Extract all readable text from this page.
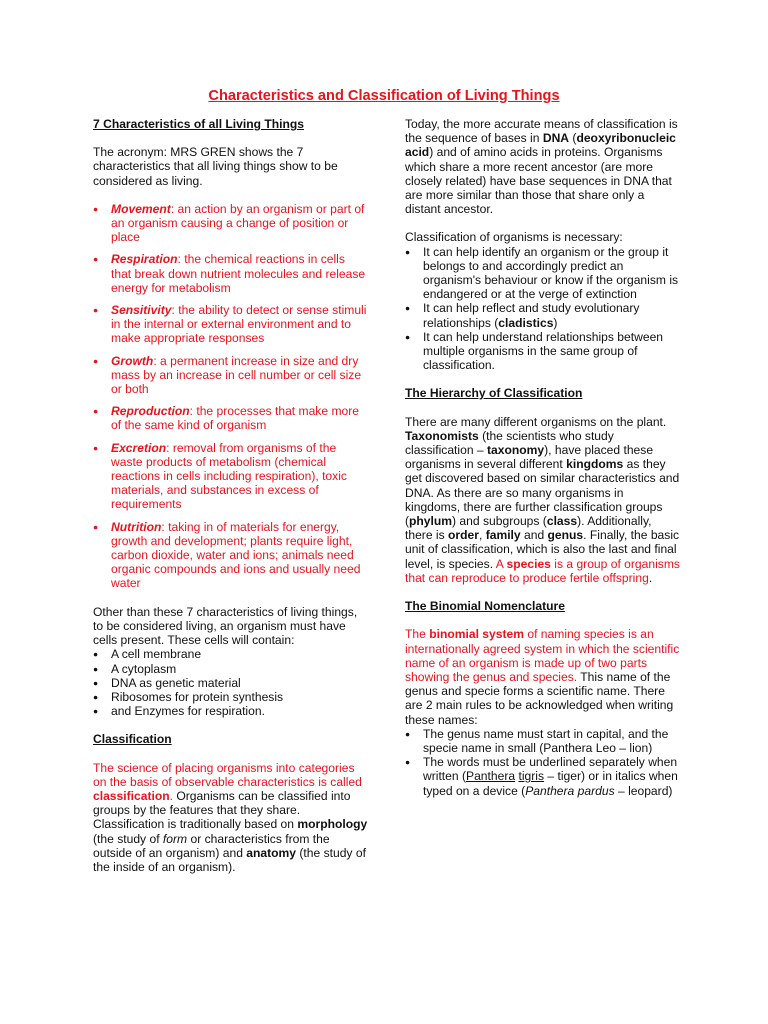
Characteristics and Classification of Living Things
7 Characteristics of all Living Things

The acronym: MRS GREN shows the 7 characteristics that all living things show to be considered as living.

● Movement: an action by an organism or part of an organism causing a change of position or place
● Respiration: the chemical reactions in cells that break down nutrient molecules and release energy for metabolism
● Sensitivity: the ability to detect or sense stimuli in the internal or external environment and to make appropriate responses
● Growth: a permanent increase in size and dry mass by an increase in cell number or cell size or both
● Reproduction: the processes that make more of the same kind of organism
● Excretion: removal from organisms of the waste products of metabolism (chemical reactions in cells including respiration), toxic materials, and substances in excess of requirements
● Nutrition: taking in of materials for energy, growth and development; plants require light, carbon dioxide, water and ions; animals need organic compounds and ions and usually need water

Other than these 7 characteristics of living things, to be considered living, an organism must have cells present. These cells will contain:

● A cell membrane
● A cytoplasm
● DNA as genetic material
● Ribosomes for protein synthesis
● and Enzymes for respiration.
Classification

The science of placing organisms into categories on the basis of observable characteristics is called classification. Organisms can be classified into groups by the features that they share. Classification is traditionally based on morphology (the study of form or characteristics from the outside of an organism) and anatomy (the study of the inside of an organism).

Today, the more accurate means of classification is the sequence of bases in DNA (deoxyribonucleic acid) and of amino acids in proteins. Organisms which share a more recent ancestor (are more closely related) have base sequences in DNA that are more similar than those that share only a distant ancestor.

Classification of organisms is necessary:

● It can help identify an organism or the group it belongs to and accordingly predict an organism's behaviour or know if the organism is endangered or at the verge of extinction
● It can help reflect and study evolutionary relationships (cladistics)
● It can help understand relationships between multiple organisms in the same group of classification.
The Hierarchy of Classification

There are many different organisms on the plant. Taxonomists (the scientists who study classification – taxonomy), have placed these organisms in several different kingdoms as they get discovered based on similar characteristics and DNA. As there are so many organisms in kingdoms, there are further classification groups (phylum) and subgroups (class). Additionally, there is order, family and genus. Finally, the basic unit of classification, which is also the last and final level, is species. A species is a group of organisms that can reproduce to produce fertile offspring.

The Binomial Nomenclature

The binomial system of naming species is an internationally agreed system in which the scientific name of an organism is made up of two parts showing the genus and species. This name of the genus and specie forms a scientific name. There are 2 main rules to be acknowledged when writing these names:

● The genus name must start in capital, and the specie name in small (Panthera Leo – lion)
● The words must be underlined separately when written (Panthera tigris – tiger) or in italics when typed on a device (Panthera pardus – leopard)
